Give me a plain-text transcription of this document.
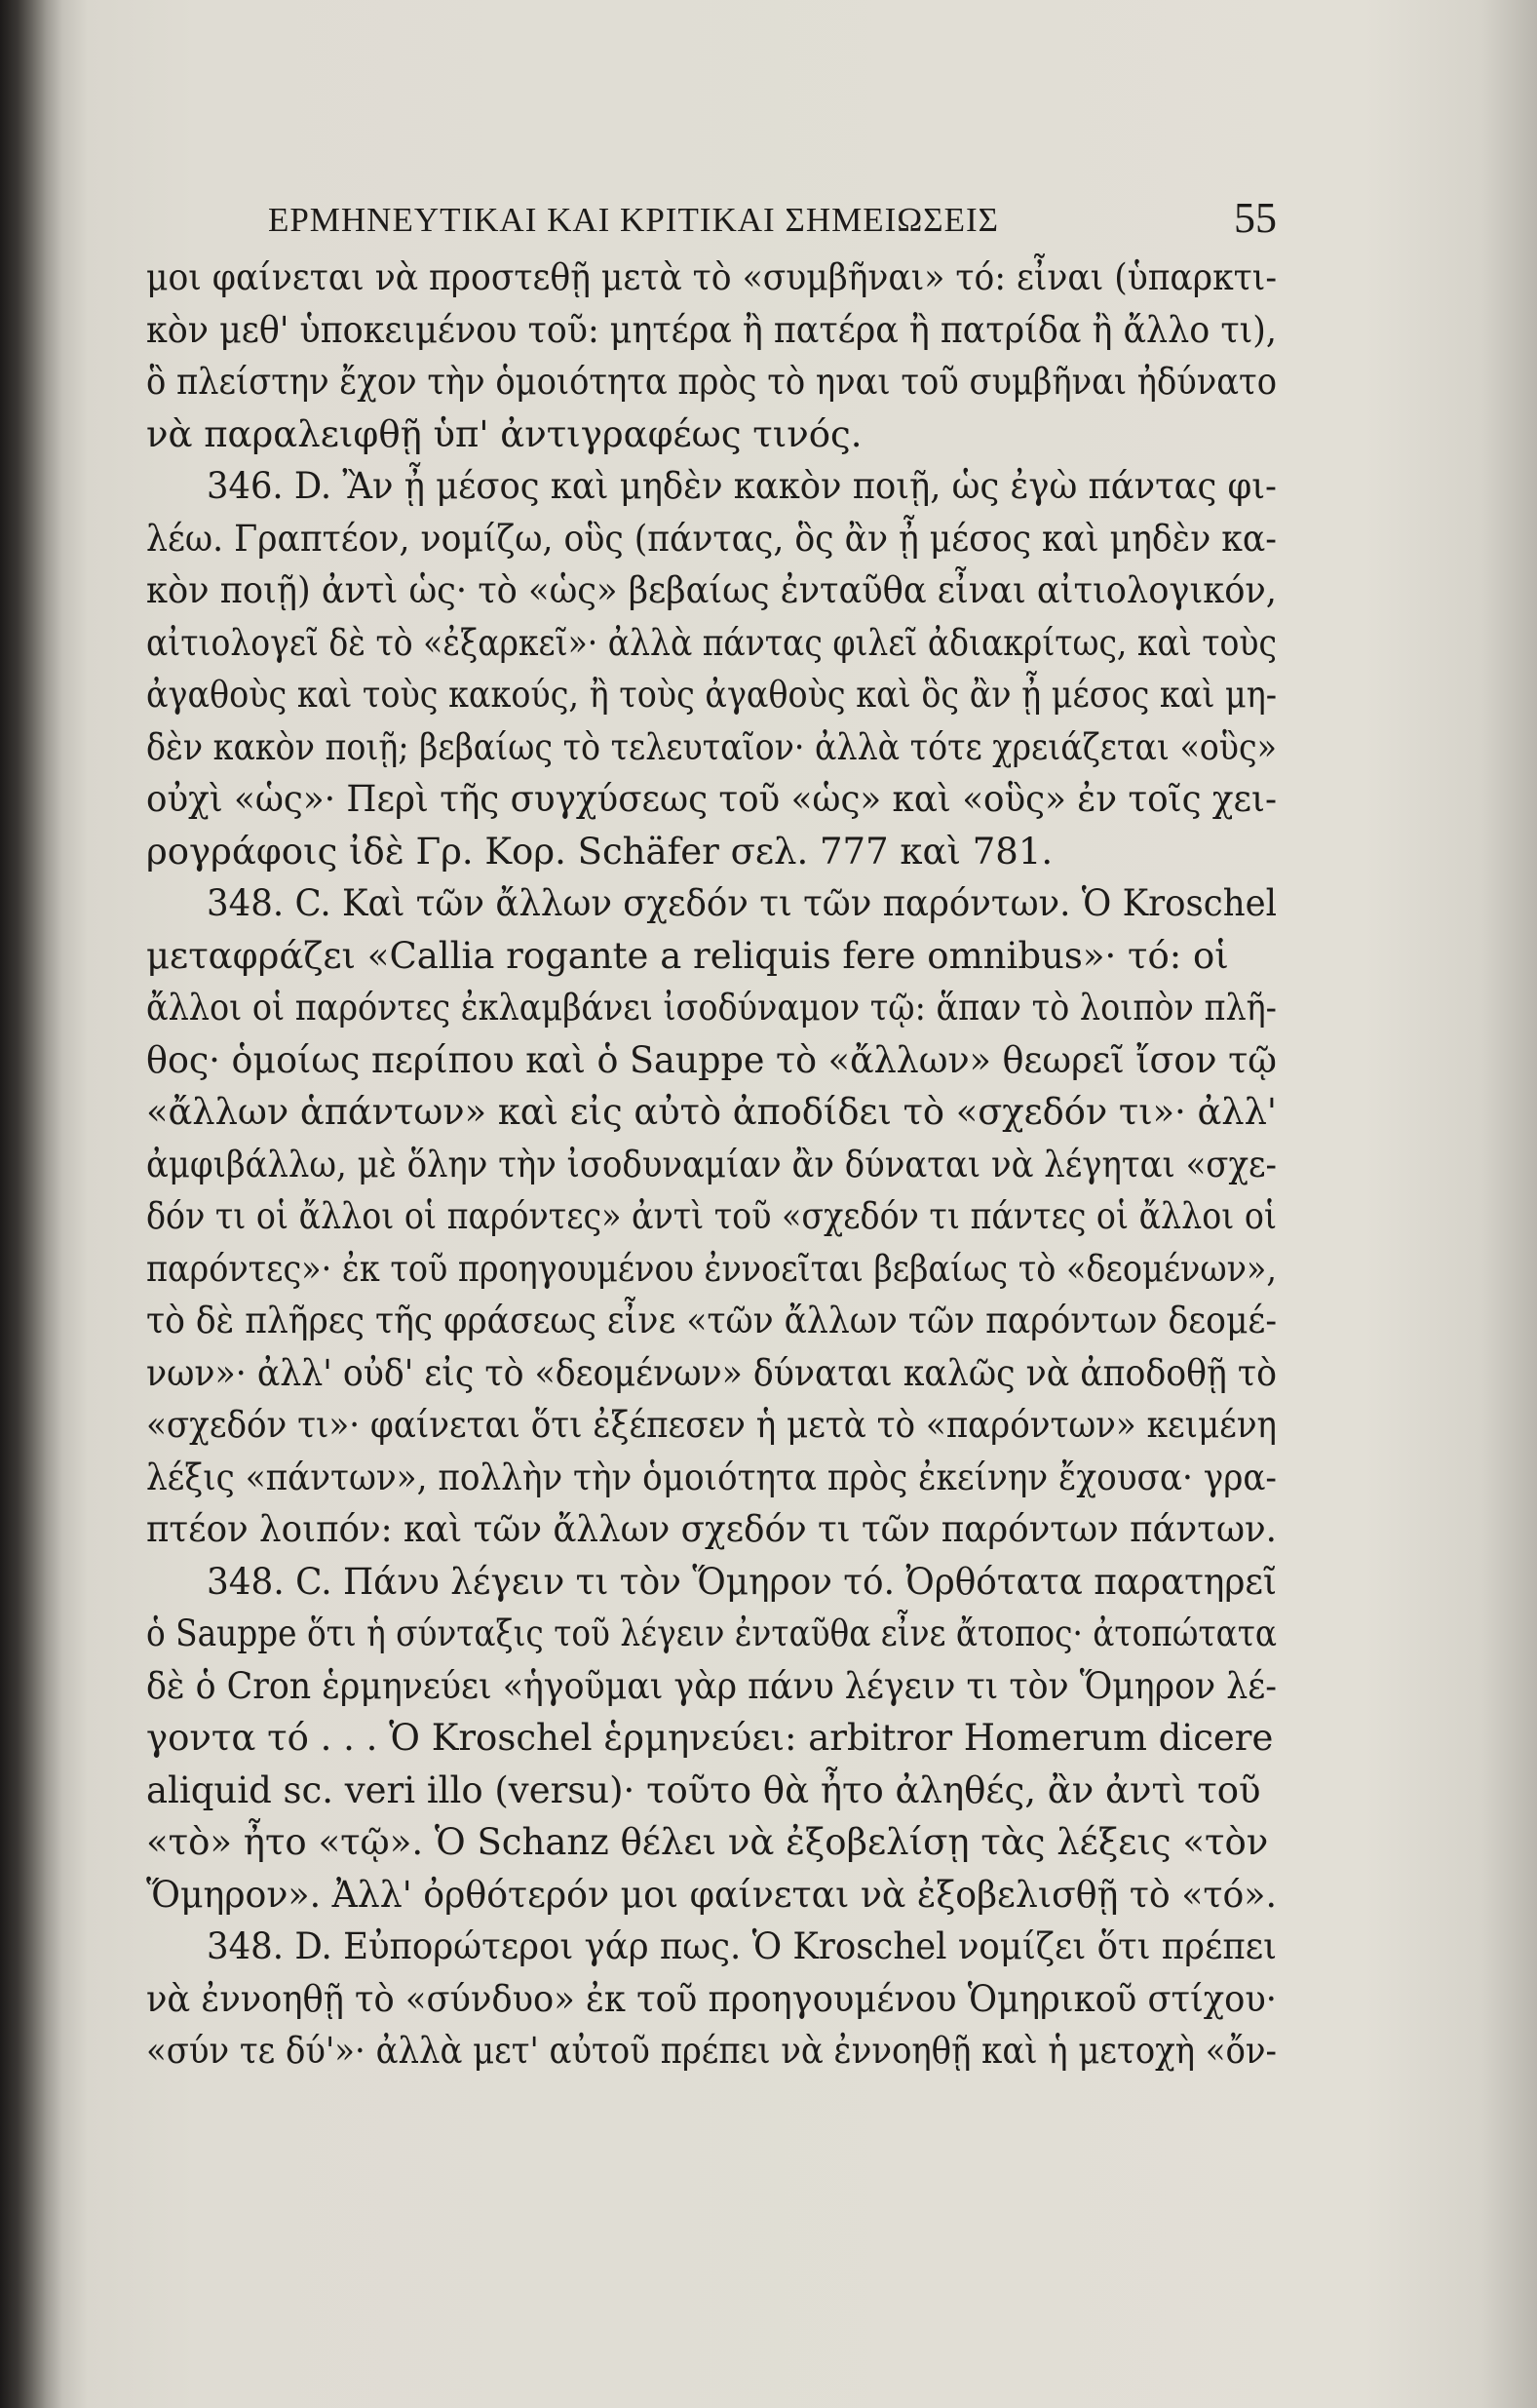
ΕΡΜΗΝΕΥΤΙΚΑΙ ΚΑΙ ΚΡΙΤΙΚΑΙ ΣΗΜΕΙΩΣΕΙΣ	55
μοι φαίνεται νὰ προστεθῇ μετὰ τὸ «συμβῆναι» τό: εἶναι (ὑπαρκτι-
κὸν μεθ' ὑποκειμένου τοῦ: μητέρα ἢ πατέρα ἢ πατρίδα ἢ ἄλλο τι),
ὃ πλείστην ἔχον τὴν ὁμοιότητα πρὸς τὸ ηναι τοῦ συμβῆναι ἠδύνατο
νὰ παραλειφθῇ ὑπ' ἀντιγραφέως τινός.
346. D. Ἂν ᾖ μέσος καὶ μηδὲν κακὸν ποιῇ, ὡς ἐγὼ πάντας φι-
λέω. Γραπτέον, νομίζω, οὓς (πάντας, ὃς ἂν ᾖ μέσος καὶ μηδὲν κα-
κὸν ποιῇ) ἀντὶ ὡς· τὸ «ὡς» βεβαίως ἐνταῦθα εἶναι αἰτιολογικόν,
αἰτιολογεῖ δὲ τὸ «ἐξαρκεῖ»· ἀλλὰ πάντας φιλεῖ ἀδιακρίτως, καὶ τοὺς
ἀγαθοὺς καὶ τοὺς κακούς, ἢ τοὺς ἀγαθοὺς καὶ ὃς ἂν ᾖ μέσος καὶ μη-
δὲν κακὸν ποιῇ; βεβαίως τὸ τελευταῖον· ἀλλὰ τότε χρειάζεται «οὓς»
οὐχὶ «ὡς»· Περὶ τῆς συγχύσεως τοῦ «ὡς» καὶ «οὓς» ἐν τοῖς χει-
ρογράφοις ἰδὲ Γρ. Κορ. Schäfer σελ. 777 καὶ 781.
348. C. Καὶ τῶν ἄλλων σχεδόν τι τῶν παρόντων. Ὁ Kroschel
μεταφράζει «Callia rogante a reliquis fere omnibus»· τό: οἱ
ἄλλοι οἱ παρόντες ἐκλαμβάνει ἰσοδύναμον τῷ: ἅπαν τὸ λοιπὸν πλῆ-
θος· ὁμοίως περίπου καὶ ὁ Sauppe τὸ «ἄλλων» θεωρεῖ ἴσον τῷ
«ἄλλων ἁπάντων» καὶ εἰς αὐτὸ ἀποδίδει τὸ «σχεδόν τι»· ἀλλ'
ἀμφιβάλλω, μὲ ὅλην τὴν ἰσοδυναμίαν ἂν δύναται νὰ λέγηται «σχε-
δόν τι οἱ ἄλλοι οἱ παρόντες» ἀντὶ τοῦ «σχεδόν τι πάντες οἱ ἄλλοι οἱ
παρόντες»· ἐκ τοῦ προηγουμένου ἐννοεῖται βεβαίως τὸ «δεομένων»,
τὸ δὲ πλῆρες τῆς φράσεως εἶνε «τῶν ἄλλων τῶν παρόντων δεομέ-
νων»· ἀλλ' οὐδ' εἰς τὸ «δεομένων» δύναται καλῶς νὰ ἀποδοθῇ τὸ
«σχεδόν τι»· φαίνεται ὅτι ἐξέπεσεν ἡ μετὰ τὸ «παρόντων» κειμένη
λέξις «πάντων», πολλὴν τὴν ὁμοιότητα πρὸς ἐκείνην ἔχουσα· γρα-
πτέον λοιπόν: καὶ τῶν ἄλλων σχεδόν τι τῶν παρόντων πάντων.
348. C. Πάνυ λέγειν τι τὸν Ὅμηρον τό. Ὀρθότατα παρατηρεῖ
ὁ Sauppe ὅτι ἡ σύνταξις τοῦ λέγειν ἐνταῦθα εἶνε ἄτοπος· ἀτοπώτατα
δὲ ὁ Cron ἑρμηνεύει «ἡγοῦμαι γὰρ πάνυ λέγειν τι τὸν Ὅμηρον λέ-
γοντα τό . . . Ὁ Kroschel ἑρμηνεύει: arbitror Homerum dicere
aliquid sc. veri illo (versu)· τοῦτο θὰ ἦτο ἀληθές, ἂν ἀντὶ τοῦ
«τὸ» ἦτο «τῷ». Ὁ Schanz θέλει νὰ ἐξοβελίσῃ τὰς λέξεις «τὸν
Ὅμηρον». Ἀλλ' ὀρθότερόν μοι φαίνεται νὰ ἐξοβελισθῇ τὸ «τό».
348. D. Εὐπορώτεροι γάρ πως. Ὁ Kroschel νομίζει ὅτι πρέπει
νὰ ἐννοηθῇ τὸ «σύνδυο» ἐκ τοῦ προηγουμένου Ὁμηρικοῦ στίχου·
«σύν τε δύ'»· ἀλλὰ μετ' αὐτοῦ πρέπει νὰ ἐννοηθῇ καὶ ἡ μετοχὴ «ὄν-
